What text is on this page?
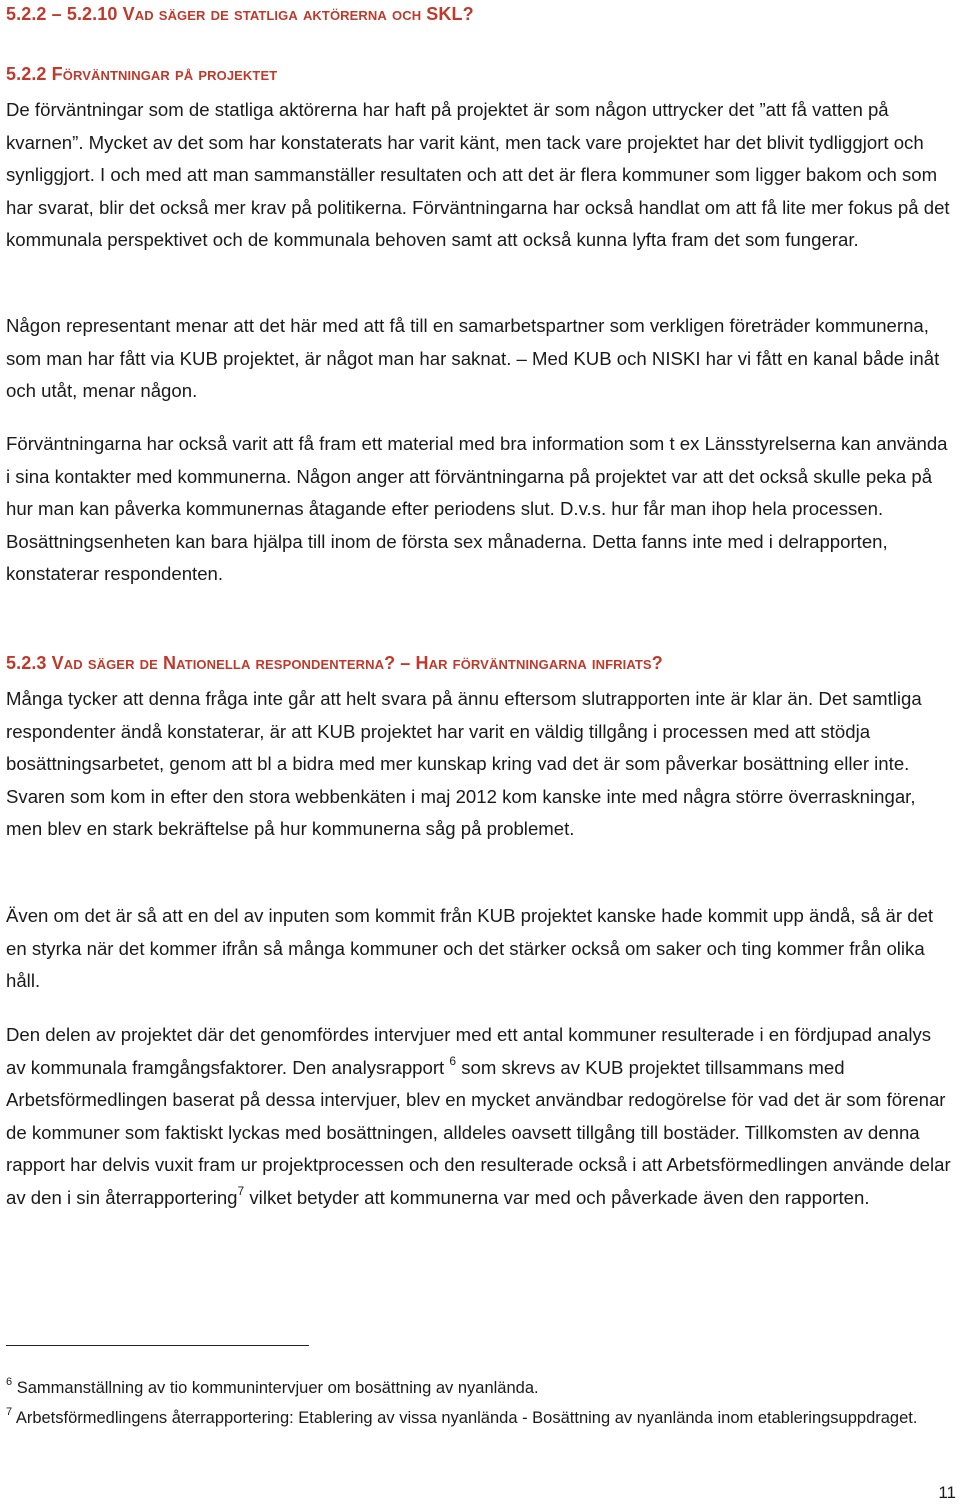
5.2.2 – 5.2.10 Vad säger de statliga aktörerna och SKL?
5.2.2 Förväntningar på projektet

De förväntningar som de statliga aktörerna har haft på projektet är som någon uttrycker det ”att få vatten på kvarnen”. Mycket av det som har konstaterats har varit känt, men tack vare projektet har det blivit tydliggjort och synliggjort. I och med att man sammanställer resultaten och att det är flera kommuner som ligger bakom och som har svarat, blir det också mer krav på politikerna. Förväntningarna har också handlat om att få lite mer fokus på det kommunala perspektivet och de kommunala behoven samt att också kunna lyfta fram det som fungerar.

Någon representant menar att det här med att få till en samarbetspartner som verkligen företräder kommunerna, som man har fått via KUB projektet, är något man har saknat. – Med KUB och NISKI har vi fått en kanal både inåt och utåt, menar någon.

Förväntningarna har också varit att få fram ett material med bra information som t ex Länsstyrelserna kan använda i sina kontakter med kommunerna. Någon anger att förväntningarna på projektet var att det också skulle peka på hur man kan påverka kommunernas åtagande efter periodens slut. D.v.s. hur får man ihop hela processen. Bosättningsenheten kan bara hjälpa till inom de första sex månaderna. Detta fanns inte med i delrapporten, konstaterar respondenten.

5.2.3 Vad säger de Nationella respondenterna? – Har förväntningarna infriats?

Många tycker att denna fråga inte går att helt svara på ännu eftersom slutrapporten inte är klar än. Det samtliga respondenter ändå konstaterar, är att KUB projektet har varit en väldig tillgång i processen med att stödja bosättningsarbetet, genom att bl a bidra med mer kunskap kring vad det är som påverkar bosättning eller inte. Svaren som kom in efter den stora webbenkäten i maj 2012 kom kanske inte med några större överraskningar, men blev en stark bekräftelse på hur kommunerna såg på problemet.

Även om det är så att en del av inputen som kommit från KUB projektet kanske hade kommit upp ändå, så är det en styrka när det kommer ifrån så många kommuner och det stärker också om saker och ting kommer från olika håll.

Den delen av projektet där det genomfördes intervjuer med ett antal kommuner resulterade i en fördjupad analys av kommunala framgångsfaktorer. Den analysrapport $^6$ som skrevs av KUB projektet tillsammans med Arbetsförmedlingen baserat på dessa intervjuer, blev en mycket användbar redogörelse för vad det är som förenar de kommuner som faktiskt lyckas med bosättningen, alldeles oavsett tillgång till bostäder. Tillkomsten av denna rapport har delvis vuxit fram ur projektprocessen och den resulterade också i att Arbetsförmedlingen använde delar av den i sin återrapportering$^7$ vilket betyder att kommunerna var med och påverkade även den rapporten.

$^6$ Sammanställning av tio kommunintervjuer om bosättning av nyanlända.

$^7$ Arbetsförmedlingens återrapportering: Etablering av vissa nyanlända - Bosättning av nyanlända inom etableringsuppdraget.

11
